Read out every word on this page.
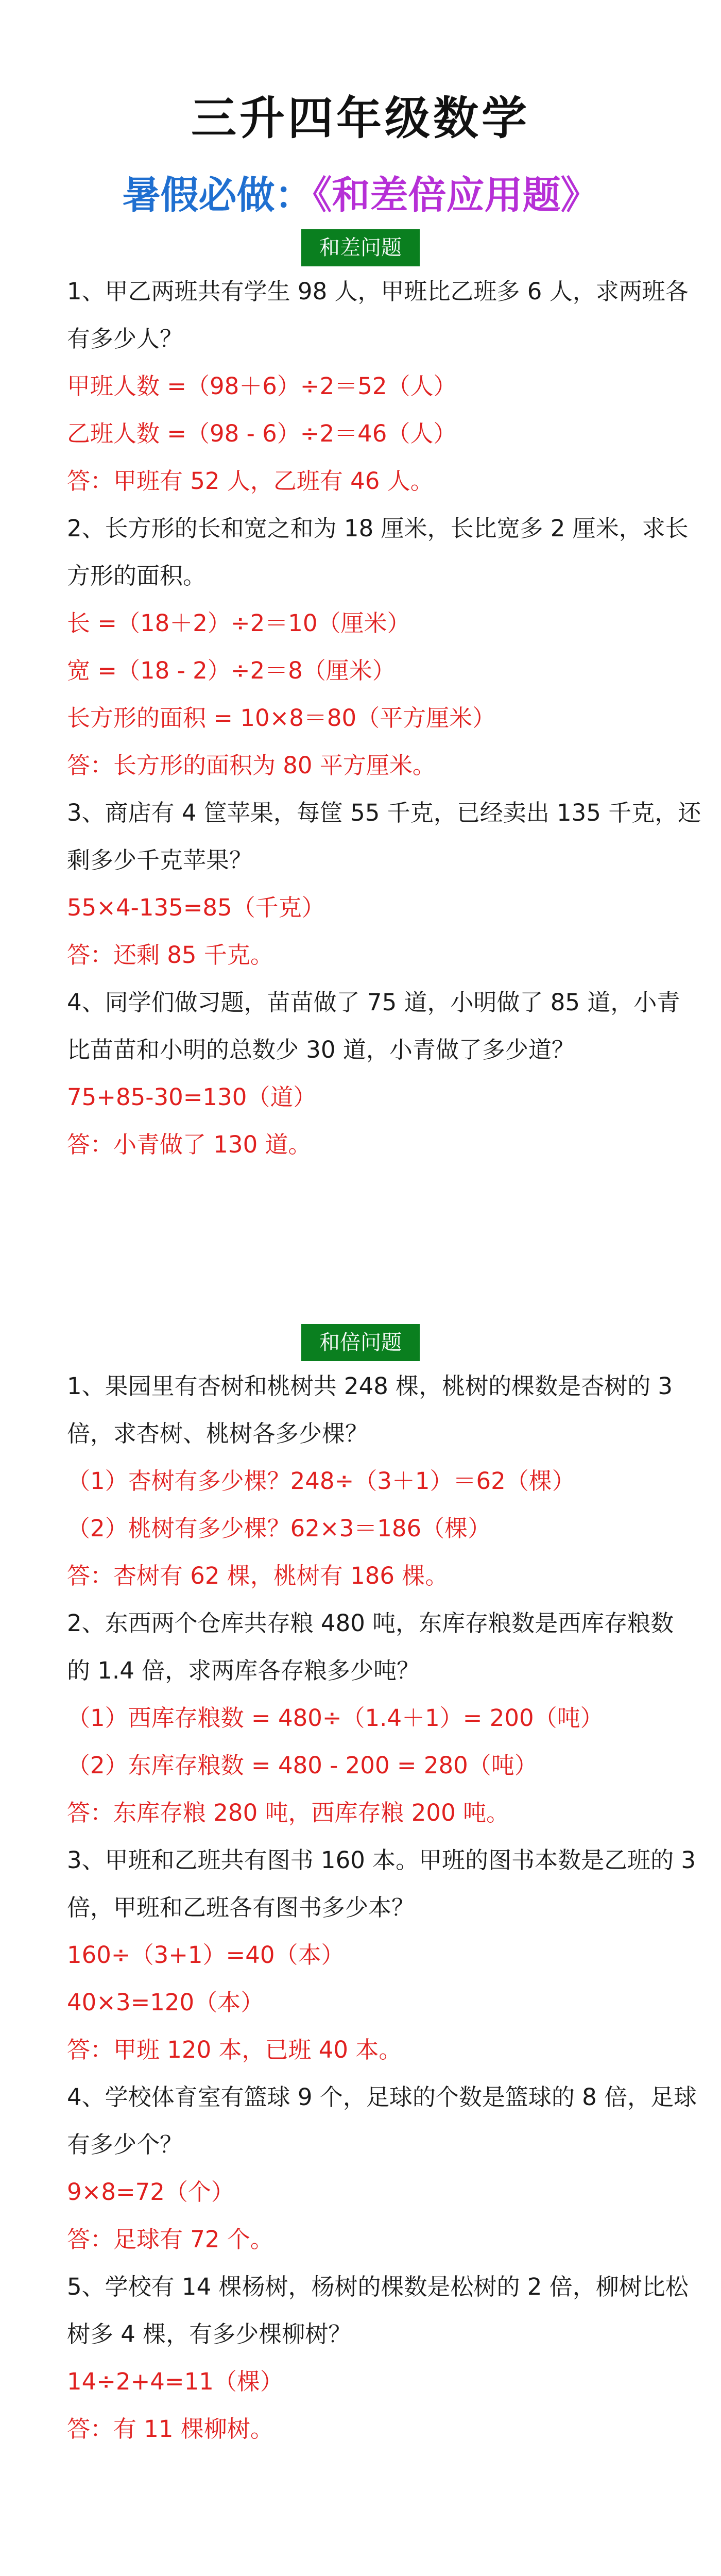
三升四年级数学
暑假必做：《和差倍应用题》
和差问题
1、甲乙两班共有学生 98 人，甲班比乙班多 6 人，求两班各
有多少人？
甲班人数 =（98＋6）÷2＝52（人）
乙班人数 =（98 - 6）÷2＝46（人）
答：甲班有 52 人，乙班有 46 人。
2、长方形的长和宽之和为 18 厘米，长比宽多 2 厘米，求长
方形的面积。
长 =（18＋2）÷2＝10（厘米）
宽 =（18 - 2）÷2＝8（厘米）
长方形的面积 = 10×8＝80（平方厘米）
答：长方形的面积为 80 平方厘米。
3、商店有 4 筐苹果，每筐 55 千克，已经卖出 135 千克，还
剩多少千克苹果？
55×4-135=85（千克）
答：还剩 85 千克。
4、同学们做习题，苗苗做了 75 道，小明做了 85 道，小青
比苗苗和小明的总数少 30 道，小青做了多少道？
75+85-30=130（道）
答：小青做了 130 道。
和倍问题
1、果园里有杏树和桃树共 248 棵，桃树的棵数是杏树的 3
倍，求杏树、桃树各多少棵？
（1）杏树有多少棵？248÷（3＋1）＝62（棵）
（2）桃树有多少棵？62×3＝186（棵）
答：杏树有 62 棵，桃树有 186 棵。
2、东西两个仓库共存粮 480 吨，东库存粮数是西库存粮数
的 1.4 倍，求两库各存粮多少吨？
（1）西库存粮数 = 480÷（1.4＋1）= 200（吨）
（2）东库存粮数 = 480 - 200 = 280（吨）
答：东库存粮 280 吨，西库存粮 200 吨。
3、甲班和乙班共有图书 160 本。甲班的图书本数是乙班的 3
倍，甲班和乙班各有图书多少本？
160÷（3+1）=40（本）
40×3=120（本）
答：甲班 120 本，已班 40 本。
4、学校体育室有篮球 9 个，足球的个数是篮球的 8 倍，足球
有多少个？
9×8=72（个）
答：足球有 72 个。
5、学校有 14 棵杨树，杨树的棵数是松树的 2 倍，柳树比松
树多 4 棵，有多少棵柳树？
14÷2+4=11（棵）
答：有 11 棵柳树。
